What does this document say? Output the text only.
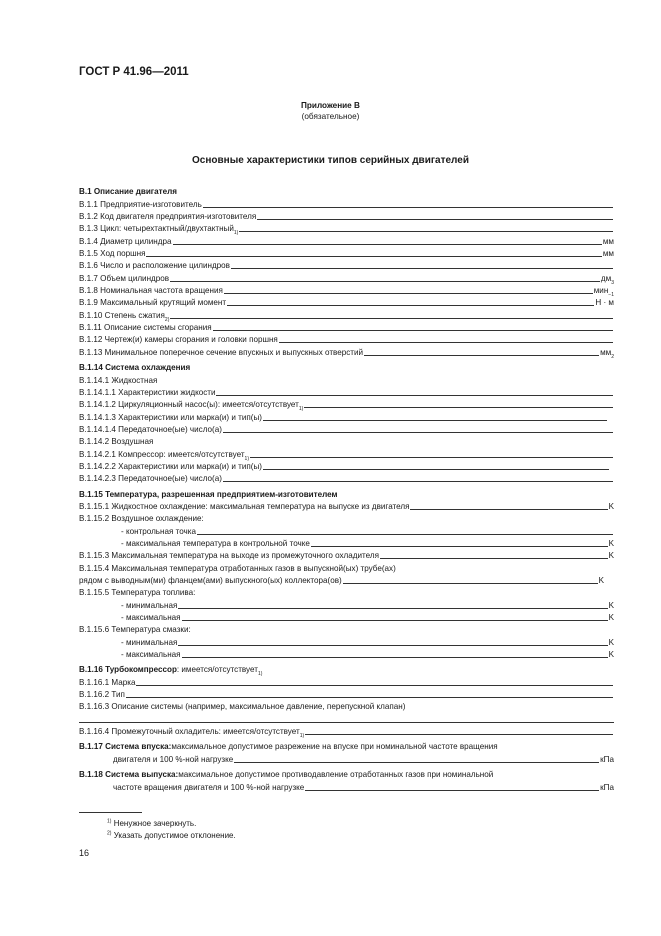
ГОСТ Р 41.96—2011
Приложение B
(обязательное)
Основные характеристики типов серийных двигателей
B.1 Описание двигателя
B.1.1 Предприятие-изготовитель
B.1.2 Код двигателя предприятия-изготовителя
B.1.3 Цикл: четырехтактный/двухтактный 1)
B.1.4 Диаметр цилиндра	мм
B.1.5 Ход поршня	мм
B.1.6 Число и расположение цилиндров
B.1.7 Объем цилиндров	дм 3
B.1.8 Номинальная частота вращения	мин −1
B.1.9 Максимальный крутящий момент	Н · м
B.1.10 Степень сжатия 2)
B.1.11 Описание системы сгорания
B.1.12 Чертеж(и) камеры сгорания и головки поршня
B.1.13 Минимальное поперечное сечение впускных и выпускных отверстий	мм 2
B.1.14 Система охлаждения
B.1.14.1 Жидкостная
B.1.14.1.1 Характеристики жидкости
B.1.14.1.2 Циркуляционный насос(ы): имеется/отсутствует 1)
B.1.14.1.3 Характеристики или марка(и) и тип(ы)
B.1.14.1.4 Передаточное(ые) число(а)
B.1.14.2 Воздушная
B.1.14.2.1 Компрессор: имеется/отсутствует 1)
B.1.14.2.2 Характеристики или марка(и) и тип(ы)
B.1.14.2.3 Передаточное(ые) число(а)
B.1.15 Температура, разрешенная предприятием-изготовителем
B.1.15.1 Жидкостное охлаждение: максимальная температура на выпуске из двигателя	K
B.1.15.2 Воздушное охлаждение:
- контрольная точка
- максимальная температура в контрольной точке	K
B.1.15.3 Максимальная температура на выходе из промежуточного охладителя	K
B.1.15.4 Максимальная температура отработанных газов в выпускной(ых) трубе(ах)
рядом с выводным(ми) фланцем(ами) выпускного(ых) коллектора(ов)	K
B.1.15.5 Температура топлива:
- минимальная	K
- максимальная	K
B.1.15.6 Температура смазки:
- минимальная	K
- максимальная	K
B.1.16 Турбокомпрессор : имеется/отсутствует 1)
B.1.16.1 Марка
B.1.16.2 Тип
B.1.16.3 Описание системы (например, максимальное давление, перепускной клапан)
B.1.16.4 Промежуточный охладитель: имеется/отсутствует 1)
B.1.17 Система впуска: максимальное допустимое разрежение на впуске при номинальной частоте вращения
двигателя и 100 %-ной нагрузке	кПа
B.1.18 Система выпуска: максимальное допустимое противодавление отработанных газов при номинальной
частоте вращения двигателя и 100 %-ной нагрузке	кПа
$^{1)}$ Ненужное зачеркнуть.
$^{2)}$ Указать допустимое отклонение.
16
